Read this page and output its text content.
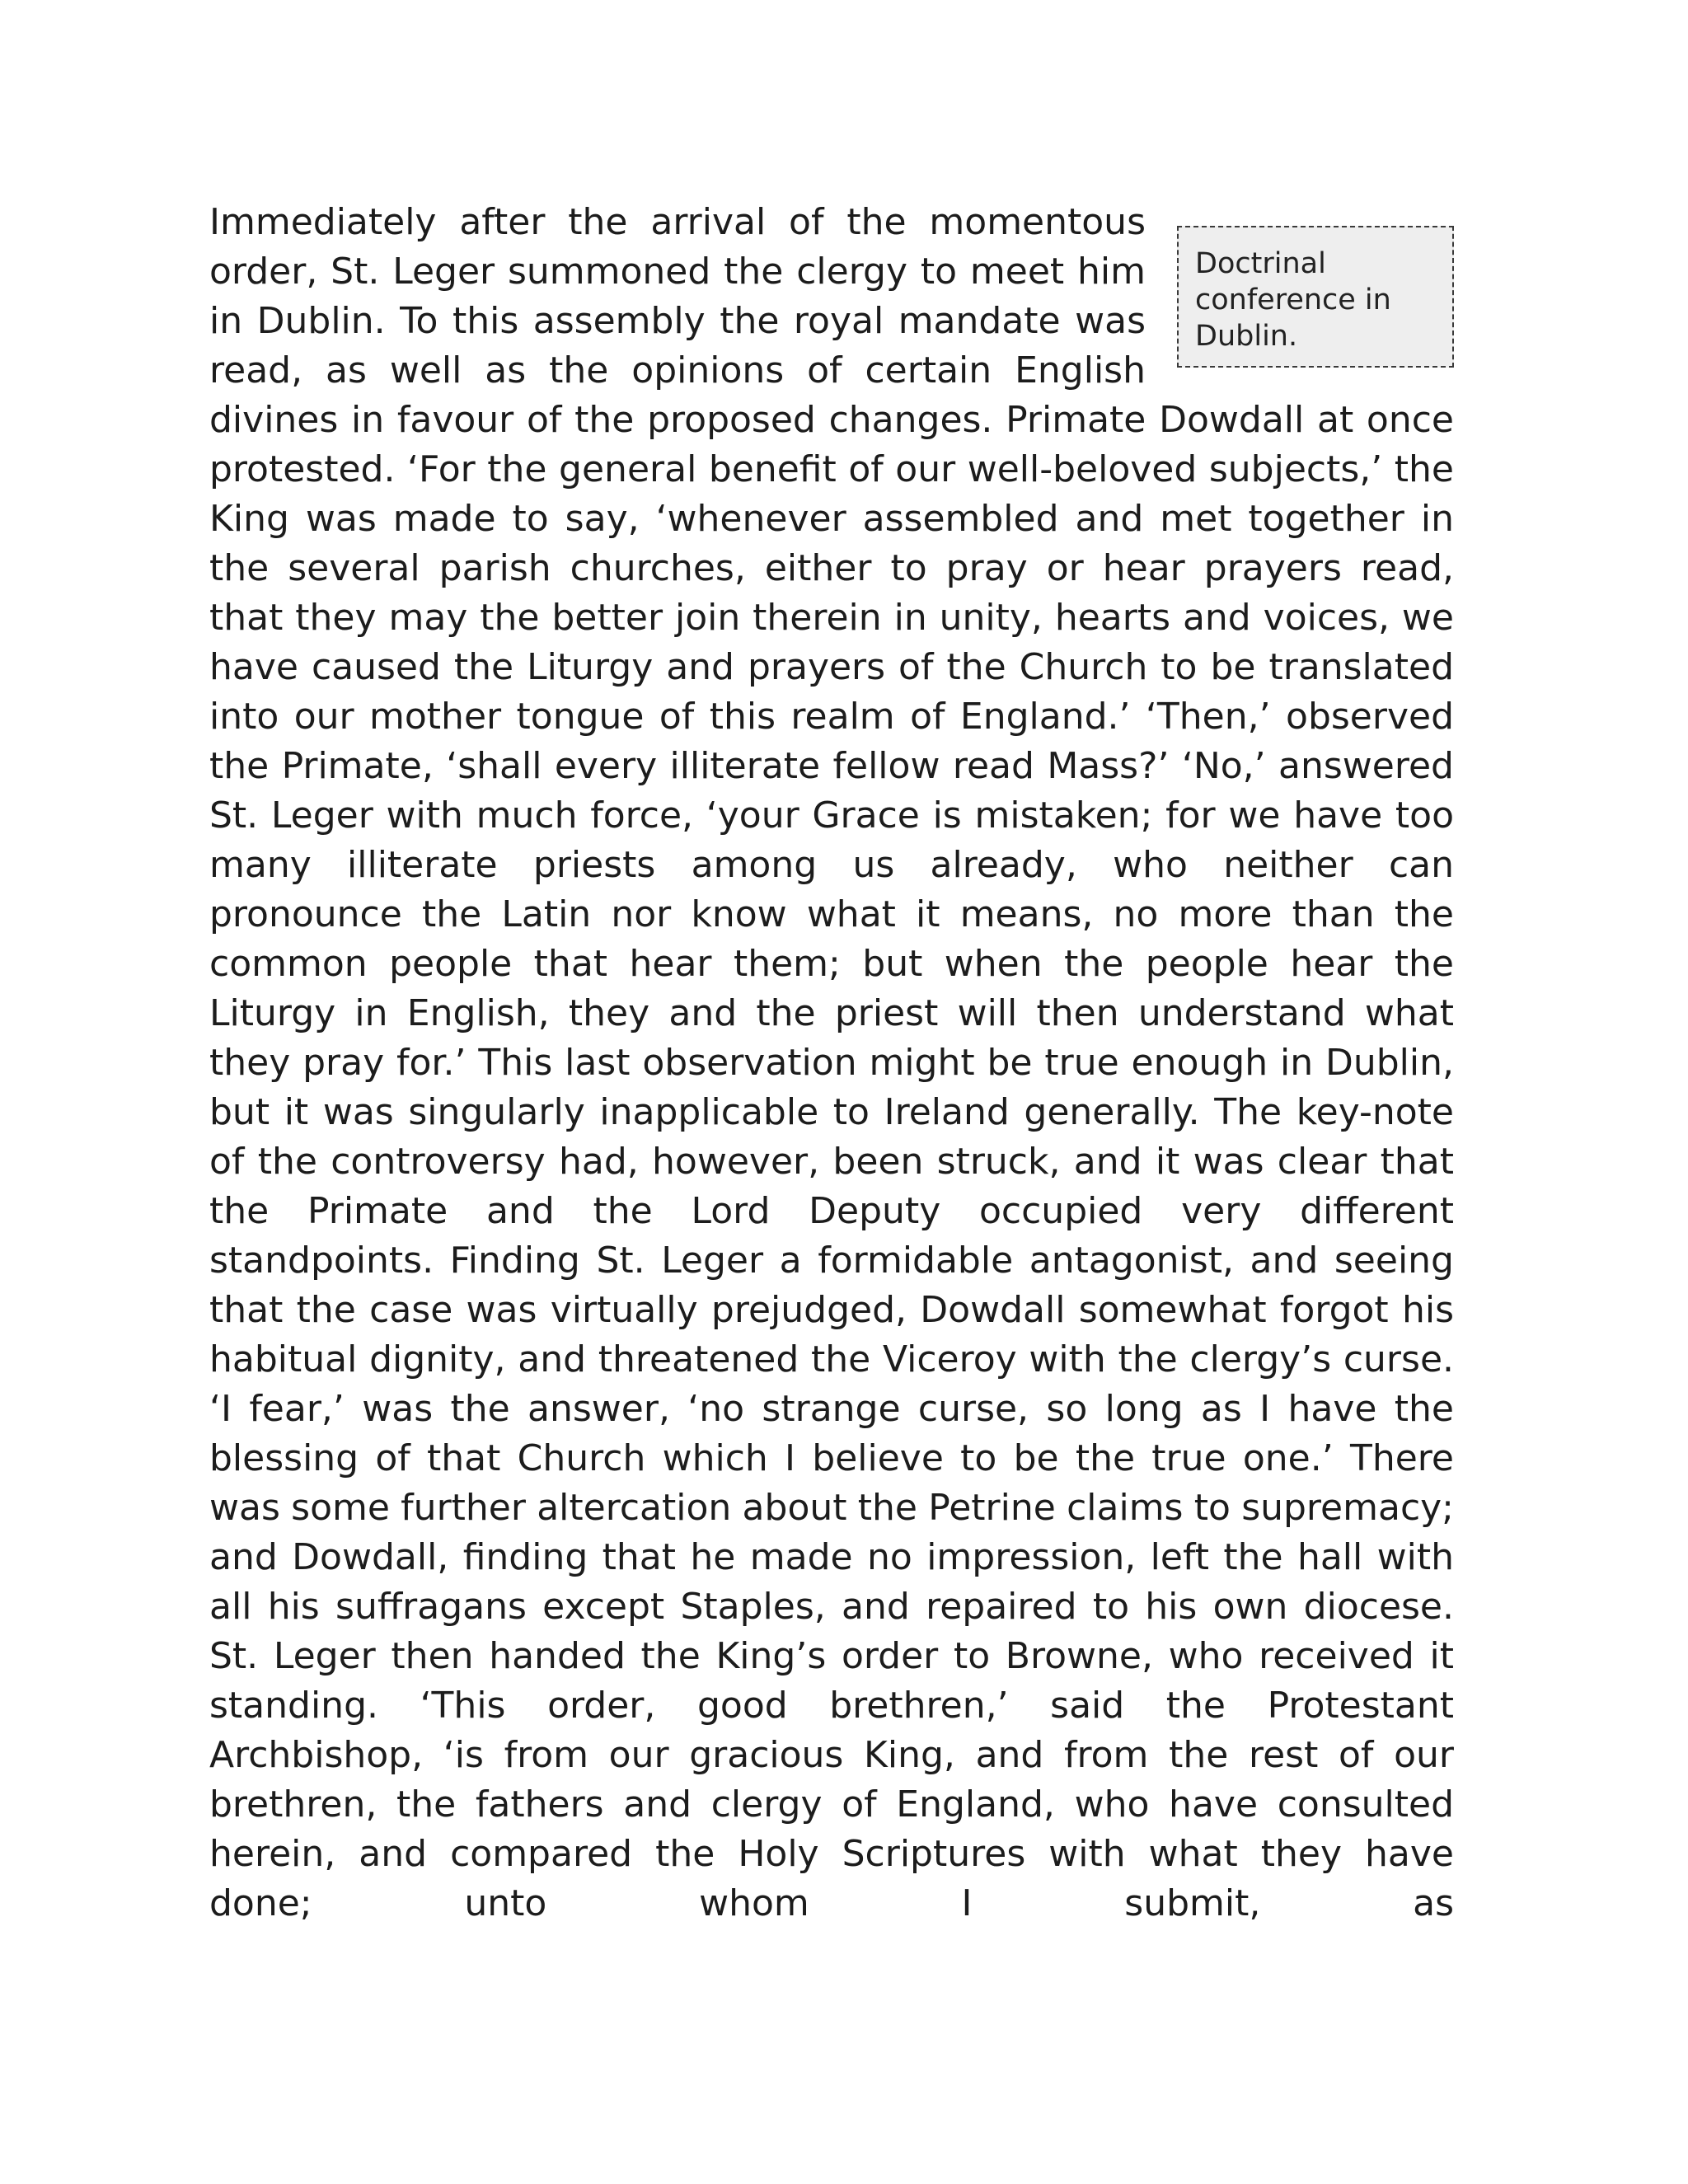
Doctrinal conference in Dublin.

Immediately after the arrival of the momentous order, St. Leger summoned the clergy to meet him in Dublin. To this assembly the royal mandate was read, as well as the opinions of certain English divines in favour of the proposed changes. Primate Dowdall at once protested. ‘For the general benefit of our well-beloved subjects,’ the King was made to say, ‘whenever assembled and met together in the several parish churches, either to pray or hear prayers read, that they may the better join therein in unity, hearts and voices, we have caused the Liturgy and prayers of the Church to be translated into our mother tongue of this realm of England.’ ‘Then,’ observed the Primate, ‘shall every illiterate fellow read Mass?’ ‘No,’ answered St. Leger with much force, ‘your Grace is mistaken; for we have too many illiterate priests among us already, who neither can pronounce the Latin nor know what it means, no more than the common people that hear them; but when the people hear the Liturgy in English, they and the priest will then understand what they pray for.’ This last observation might be true enough in Dublin, but it was singularly inapplicable to Ireland generally. The key-note of the controversy had, however, been struck, and it was clear that the Primate and the Lord Deputy occupied very different standpoints. Finding St. Leger a formidable antagonist, and seeing that the case was virtually prejudged, Dowdall somewhat forgot his habitual dignity, and threatened the Viceroy with the clergy’s curse. ‘I fear,’ was the answer, ‘no strange curse, so long as I have the blessing of that Church which I believe to be the true one.’ There was some further altercation about the Petrine claims to supremacy; and Dowdall, finding that he made no impression, left the hall with all his suffragans except Staples, and repaired to his own diocese. St. Leger then handed the King’s order to Browne, who received it standing. ‘This order, good brethren,’ said the Protestant Archbishop, ‘is from our gracious King, and from the rest of our brethren, the fathers and clergy of England, who have consulted herein, and compared the Holy Scriptures with what they have done; unto whom I submit, as
